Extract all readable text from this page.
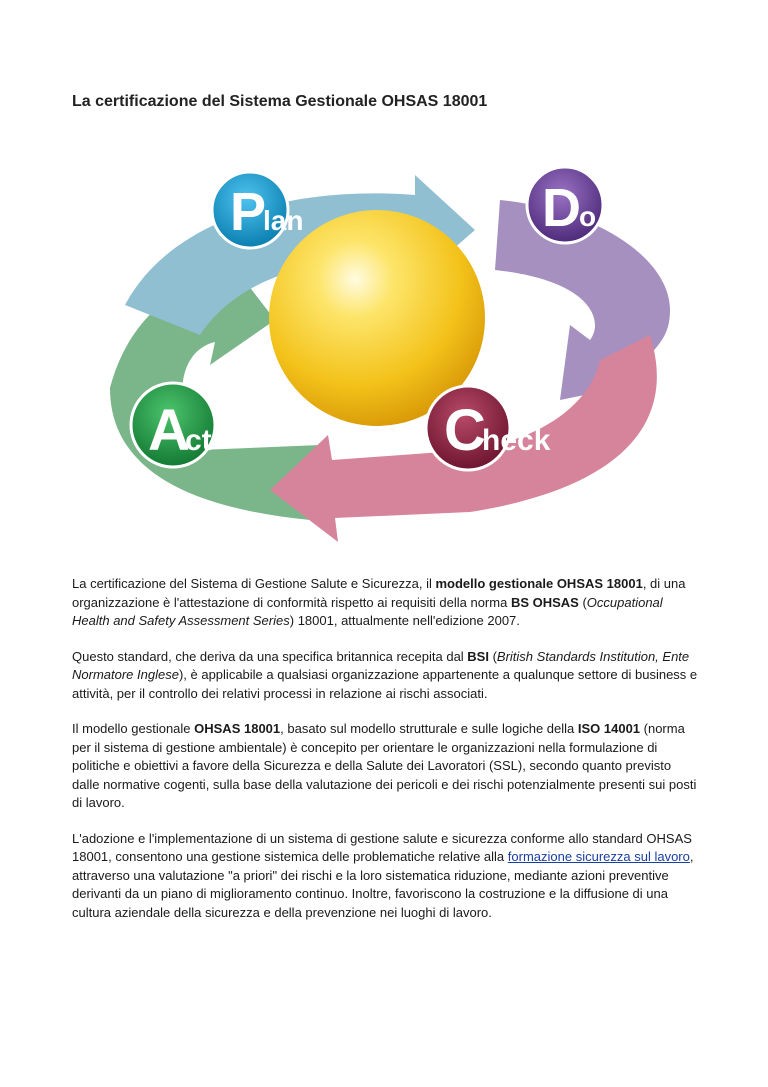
La certificazione del Sistema Gestionale OHSAS 18001
P
lan	D
o
C
heck
A
ct

La certificazione del Sistema di Gestione Salute e Sicurezza, il modello gestionale OHSAS 18001, di una organizzazione è l'attestazione di conformità rispetto ai requisiti della norma BS OHSAS (Occupational Health and Safety Assessment Series) 18001, attualmente nell'edizione 2007.

Questo standard, che deriva da una specifica britannica recepita dal BSI (British Standards Institution, Ente Normatore Inglese), è applicabile a qualsiasi organizzazione appartenente a qualunque settore di business e attività, per il controllo dei relativi processi in relazione ai rischi associati.

Il modello gestionale OHSAS 18001, basato sul modello strutturale e sulle logiche della ISO 14001 (norma per il sistema di gestione ambientale) è concepito per orientare le organizzazioni nella formulazione di politiche e obiettivi a favore della Sicurezza e della Salute dei Lavoratori (SSL), secondo quanto previsto dalle normative cogenti, sulla base della valutazione dei pericoli e dei rischi potenzialmente presenti sui posti di lavoro.

L'adozione e l'implementazione di un sistema di gestione salute e sicurezza conforme allo standard OHSAS 18001, consentono una gestione sistemica delle problematiche relative alla formazione sicurezza sul lavoro, attraverso una valutazione "a priori" dei rischi e la loro sistematica riduzione, mediante azioni preventive derivanti da un piano di miglioramento continuo. Inoltre, favoriscono la costruzione e la diffusione di una cultura aziendale della sicurezza e della prevenzione nei luoghi di lavoro.
